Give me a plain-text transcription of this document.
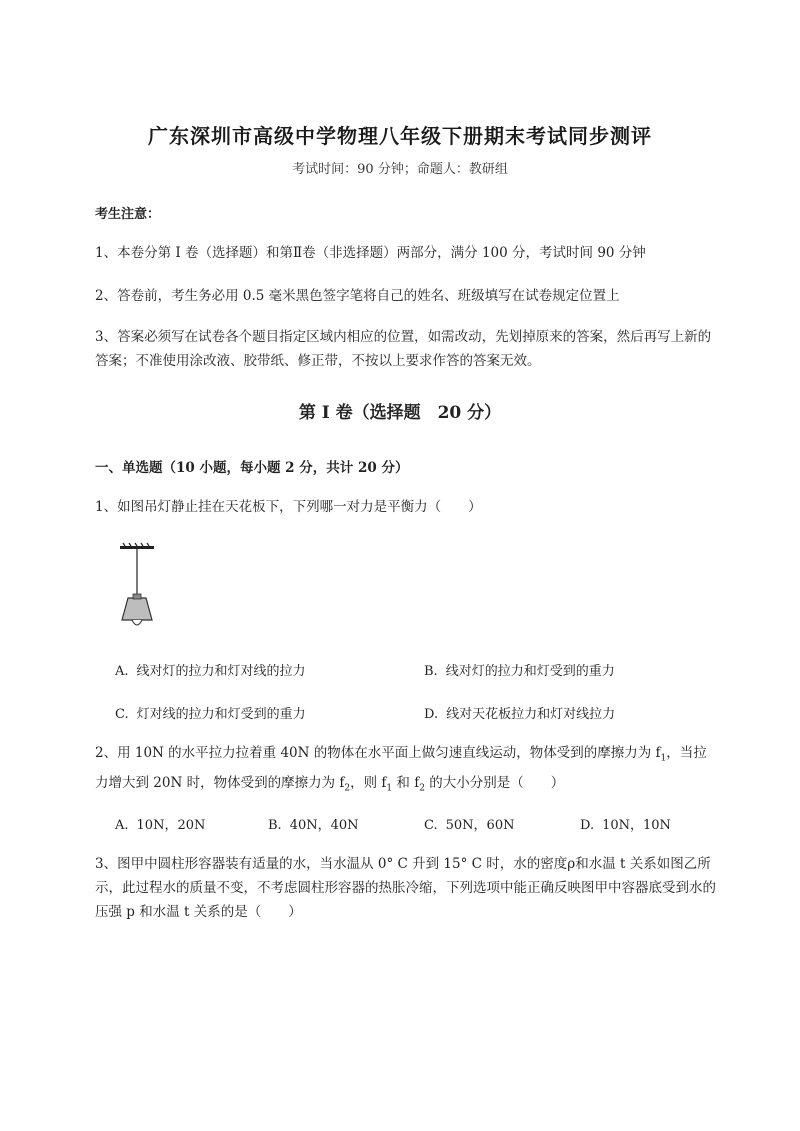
广东深圳市高级中学物理八年级下册期末考试同步测评
考试时间：90 分钟；命题人：教研组
考生注意：
1、本卷分第 I 卷（选择题）和第Ⅱ卷（非选择题）两部分，满分 100 分，考试时间 90 分钟
2、答卷前，考生务必用 0.5 毫米黑色签字笔将自己的姓名、班级填写在试卷规定位置上
3、答案必须写在试卷各个题目指定区域内相应的位置，如需改动，先划掉原来的答案，然后再写上新的答案；不准使用涂改液、胶带纸、修正带，不按以上要求作答的答案无效。
第 I 卷（选择题　20 分）
一、单选题（10 小题，每小题 2 分，共计 20 分）
1、如图吊灯静止挂在天花板下，下列哪一对力是平衡力（　　）
A. 线对灯的拉力和灯对线的拉力	B. 线对灯的拉力和灯受到的重力
C. 灯对线的拉力和灯受到的重力	D. 线对天花板拉力和灯对线拉力
2、用 10N 的水平拉力拉着重 40N 的物体在水平面上做匀速直线运动，物体受到的摩擦力为 $f_1$，当拉力增大到 20N 时，物体受到的摩擦力为 $f_2$，则 $f_1$ 和 $f_2$ 的大小分别是（　　）
A. 10N，20N	B. 40N，40N	C. 50N，60N	D. 10N，10N
3、图甲中圆柱形容器装有适量的水，当水温从 0° C 升到 15° C 时，水的密度ρ和水温 t 关系如图乙所示，此过程水的质量不变，不考虑圆柱形容器的热胀冷缩，下列选项中能正确反映图甲中容器底受到水的压强 p 和水温 t 关系的是（　　）
